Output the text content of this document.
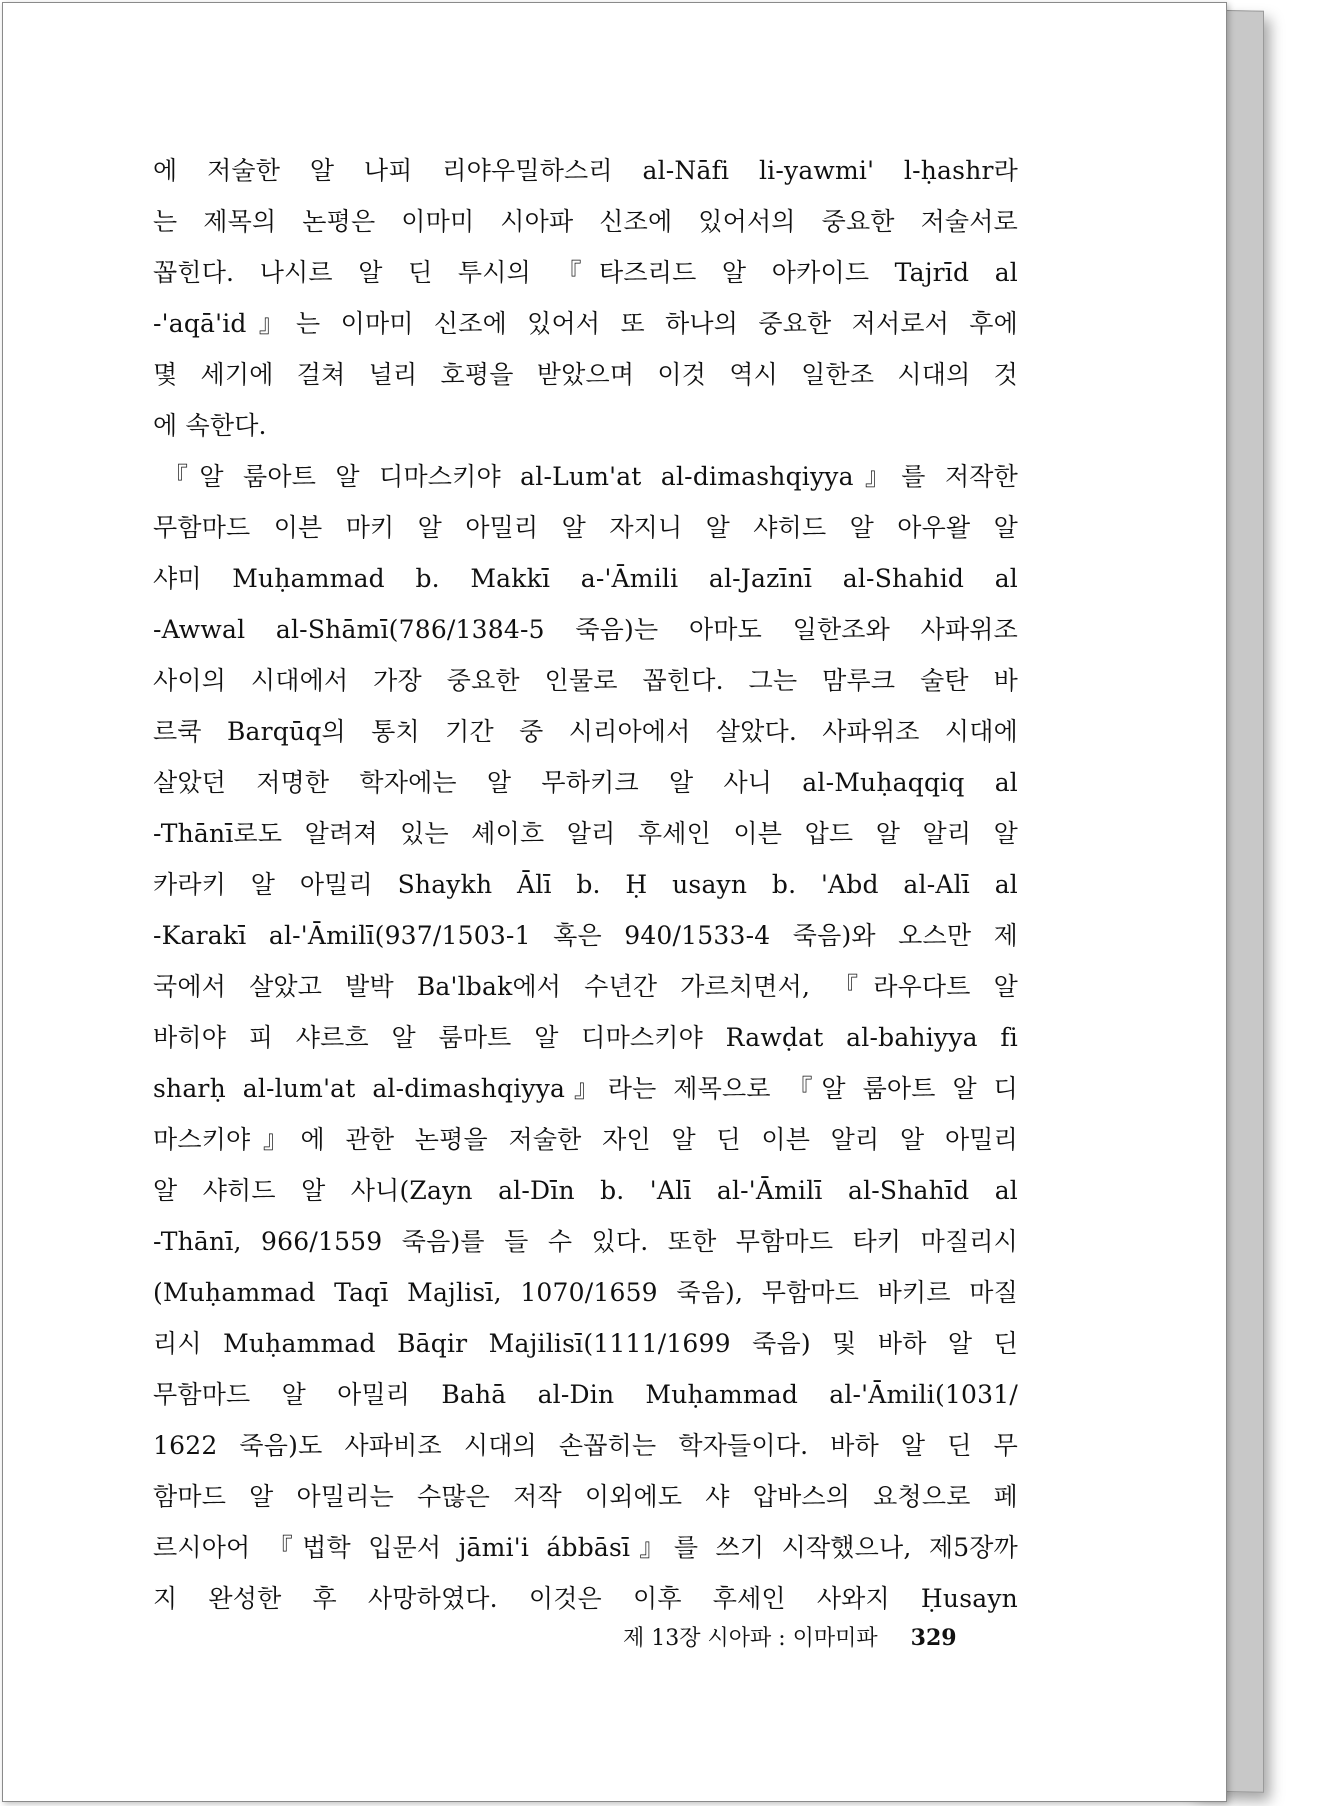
에 저술한 알 나피 리야우밀하스리 al-Nāfi li-yawmi' l-ḥashr라
는 제목의 논평은 이마미 시아파 신조에 있어서의 중요한 저술서로
꼽힌다. 나시르 알 딘 투시의 『타즈리드 알 아카이드 Tajrīd al
-'aqā'id』는 이마미 신조에 있어서 또 하나의 중요한 저서로서 후에
몇 세기에 걸쳐 널리 호평을 받았으며 이것 역시 일한조 시대의 것
에 속한다.
『알 룸아트 알 디마스키야 al-Lum'at al-dimashqiyya』를 저작한
무함마드 이븐 마키 알 아밀리 알 자지니 알 샤히드 알 아우왈 알
샤미 Muḥammad b. Makkī a-'Āmili al-Jazīnī al-Shahid al
-Awwal al-Shāmī(786/1384-5 죽음)는 아마도 일한조와 사파위조
사이의 시대에서 가장 중요한 인물로 꼽힌다. 그는 맘루크 술탄 바
르쿡 Barqūq의 통치 기간 중 시리아에서 살았다. 사파위조 시대에
살았던 저명한 학자에는 알 무하키크 알 사니 al-Muḥaqqiq al
-Thānī로도 알려져 있는 셰이흐 알리 후세인 이븐 압드 알 알리 알
카라키 알 아밀리 Shaykh Ālī b. Ḥ usayn b. 'Abd al-Alī al
-Karakī al-'Āmilī(937/1503-1 혹은 940/1533-4 죽음)와 오스만 제
국에서 살았고 발박 Ba'lbak에서 수년간 가르치면서, 『라우다트 알
바히야 피 샤르흐 알 룸마트 알 디마스키야 Rawḍat al-bahiyya fi
sharḥ al-lum'at al-dimashqiyya』라는 제목으로 『알 룸아트 알 디
마스키야』에 관한 논평을 저술한 자인 알 딘 이븐 알리 알 아밀리
알 샤히드 알 사니(Zayn al-Dīn b. 'Alī al-'Āmilī al-Shahīd al
-Thānī, 966/1559 죽음)를 들 수 있다. 또한 무함마드 타키 마질리시
(Muḥammad Taqī Majlisī, 1070/1659 죽음), 무함마드 바키르 마질
리시 Muḥammad Bāqir Majilisī(1111/1699 죽음) 및 바하 알 딘
무함마드 알 아밀리 Bahā al-Din Muḥammad al-'Āmili(1031/
1622 죽음)도 사파비조 시대의 손꼽히는 학자들이다. 바하 알 딘 무
함마드 알 아밀리는 수많은 저작 이외에도 샤 압바스의 요청으로 페
르시아어 『법학 입문서 jāmi'i ábbāsī』를 쓰기 시작했으나, 제5장까
지 완성한 후 사망하였다. 이것은 이후 후세인 사와지 Ḥusayn
제 13장 시아파 : 이마미파 329
